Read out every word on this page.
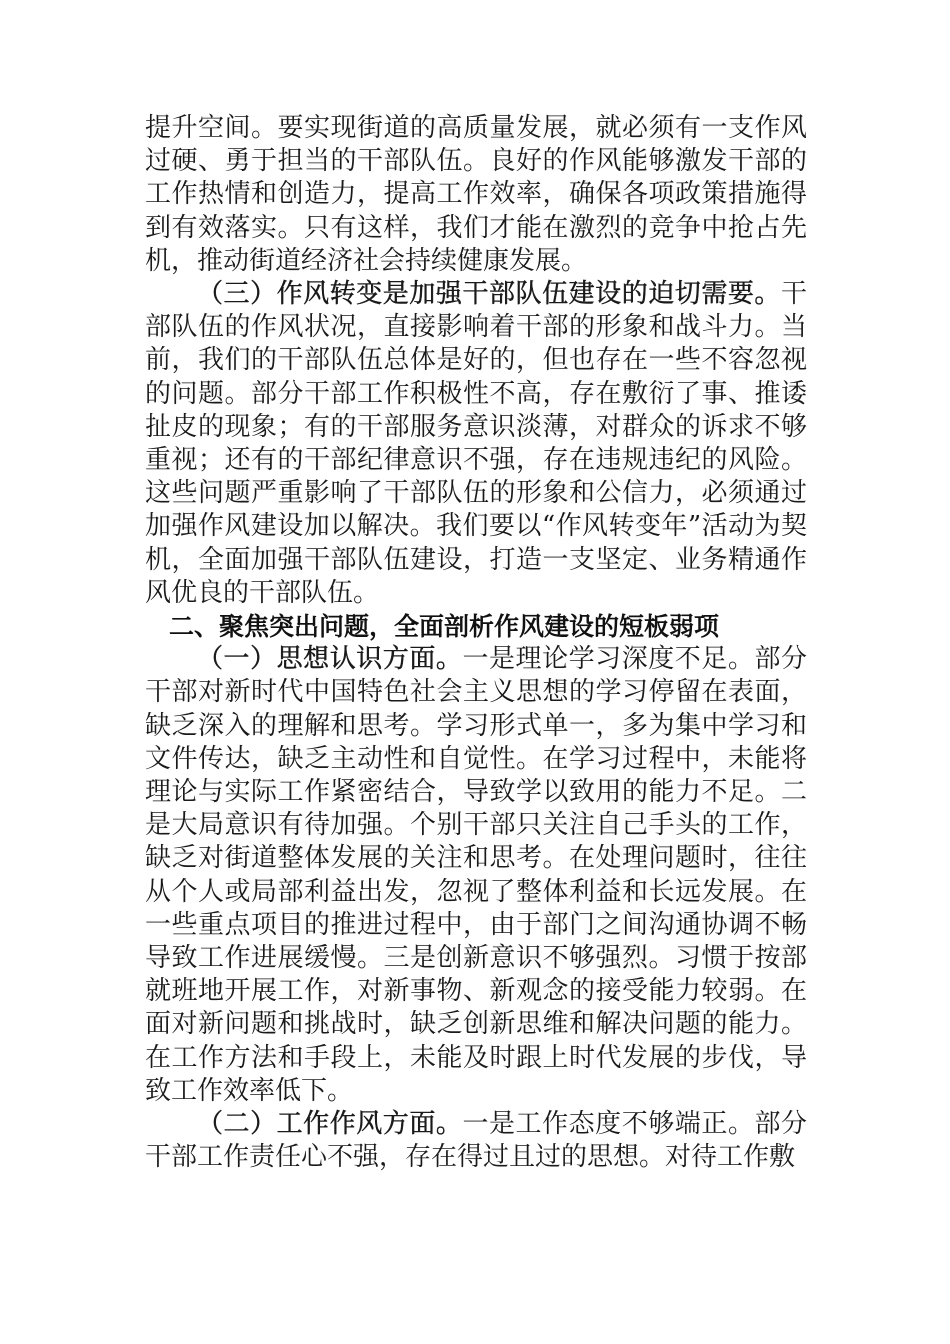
提升空间。要实现街道的高质量发展，就必须有一支作风过硬、勇于担当的干部队伍。良好的作风能够激发干部的工作热情和创造力，提高工作效率，确保各项政策措施得到有效落实。只有这样，我们才能在激烈的竞争中抢占先机，推动街道经济社会持续健康发展。

（三）作风转变是加强干部队伍建设的迫切需要。干部队伍的作风状况，直接影响着干部的形象和战斗力。当前，我们的干部队伍总体是好的，但也存在一些不容忽视的问题。部分干部工作积极性不高，存在敷衍了事、推诿扯皮的现象；有的干部服务意识淡薄，对群众的诉求不够重视；还有的干部纪律意识不强，存在违规违纪的风险。这些问题严重影响了干部队伍的形象和公信力，必须通过加强作风建设加以解决。我们要以“作风转变年”活动为契机，全面加强干部队伍建设，打造一支坚定、业务精通作风优良的干部队伍。

二、聚焦突出问题，全面剖析作风建设的短板弱项

（一）思想认识方面。一是理论学习深度不足。部分干部对新时代中国特色社会主义思想的学习停留在表面，缺乏深入的理解和思考。学习形式单一，多为集中学习和文件传达，缺乏主动性和自觉性。在学习过程中，未能将理论与实际工作紧密结合，导致学以致用的能力不足。二是大局意识有待加强。个别干部只关注自己手头的工作，缺乏对街道整体发展的关注和思考。在处理问题时，往往从个人或局部利益出发，忽视了整体利益和长远发展。在一些重点项目的推进过程中，由于部门之间沟通协调不畅导致工作进展缓慢。三是创新意识不够强烈。习惯于按部就班地开展工作，对新事物、新观念的接受能力较弱。在面对新问题和挑战时，缺乏创新思维和解决问题的能力。在工作方法和手段上，未能及时跟上时代发展的步伐，导致工作效率低下。

（二）工作作风方面。一是工作态度不够端正。部分干部工作责任心不强，存在得过且过的思想。对待工作敷
